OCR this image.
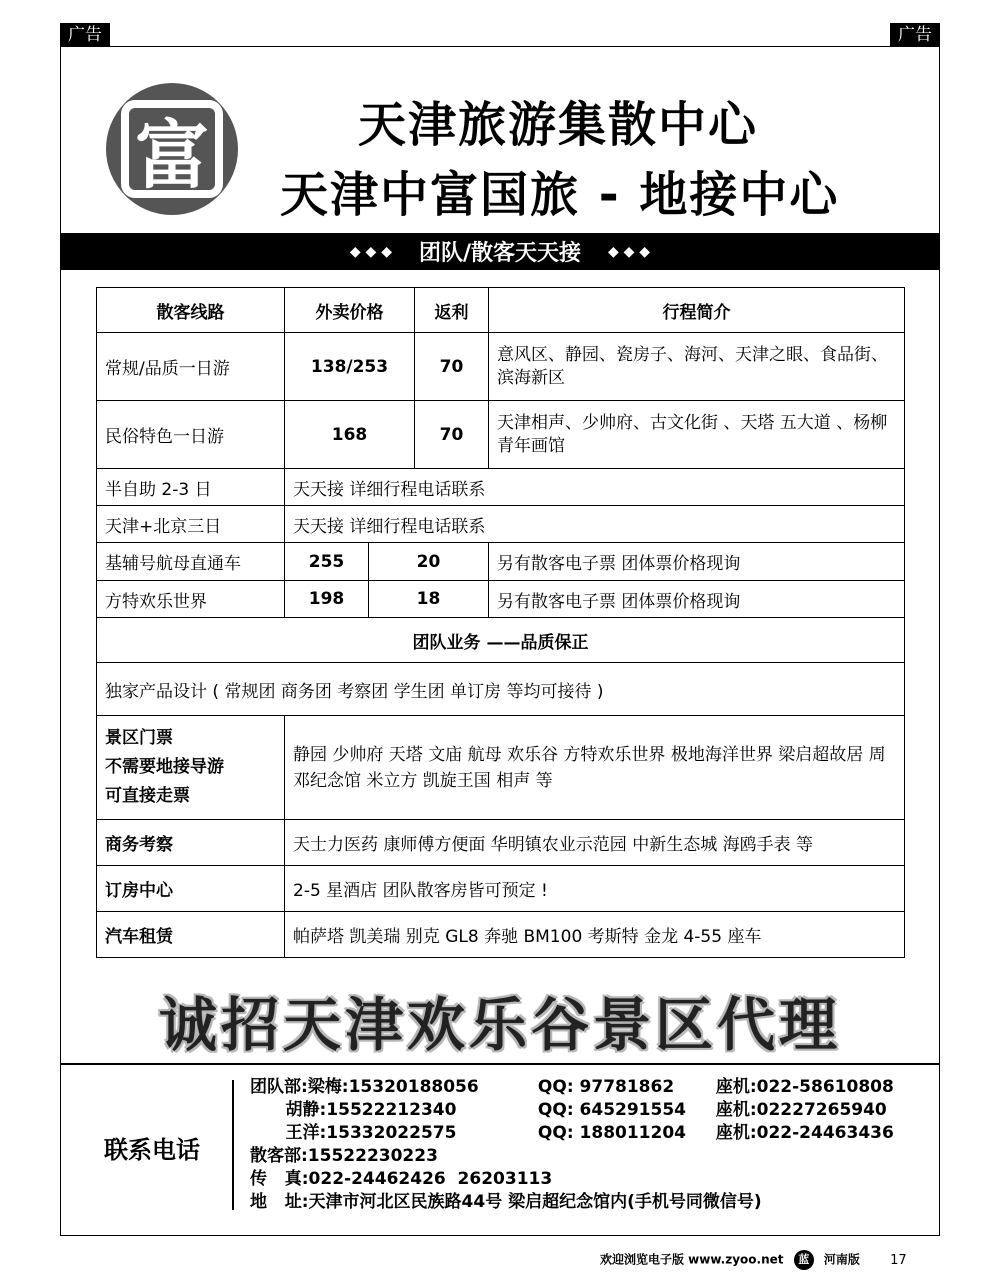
广告	广告
富	天津旅游集散中心
天津中富国旅 - 地接中心
◆ ◆ ◆ 团队/散客天天接 ◆ ◆ ◆
散客线路	外卖价格		返利	行程简介
常规/品质一日游	138/253		70	意风区、静园、瓷房子、海河、天津之眼、食品街、滨海新区
民俗特色一日游	168		70	天津相声、少帅府、古文化街 、天塔 五大道 、杨柳青年画馆
半自助 2-3 日	天天接 详细行程电话联系			
天津+北京三日	天天接 详细行程电话联系			
基辅号航母直通车	255	20		另有散客电子票 团体票价格现询
方特欢乐世界	198	18		另有散客电子票 团体票价格现询
团队业务 ——品质保正				
独家产品设计 ( 常规团 商务团 考察团 学生团 单订房 等均可接待 )				

景区门票
不需要地接导游
可直接走票	静园 少帅府 天塔 文庙 航母 欢乐谷 方特欢乐世界 极地海洋世界 梁启超故居 周邓纪念馆 米立方 凯旋王国 相声 等			
商务考察	天士力医药 康师傅方便面 华明镇农业示范园 中新生态城 海鸥手表 等			
订房中心	2-5 星酒店 团队散客房皆可预定 !			
汽车租赁	帕萨塔 凯美瑞 别克 GL8 奔驰 BM100 考斯特 金龙 4-55 座车			
诚招天津欢乐谷景区代理
联系电话
团队部:梁梅:15320188056	QQ: 97781862 座机:022-58610808
胡静:15522212340	QQ: 645291554 座机:02227265940
王洋:15332022575	QQ: 188011204 座机:022-24463436
散客部:15522230223
传   真:022-24462426  26203113
地   址:天津市河北区民族路44号 梁启超纪念馆内(手机号同微信号)
欢迎浏览电子版 www.zyoo.net 蓝 河南版 17
